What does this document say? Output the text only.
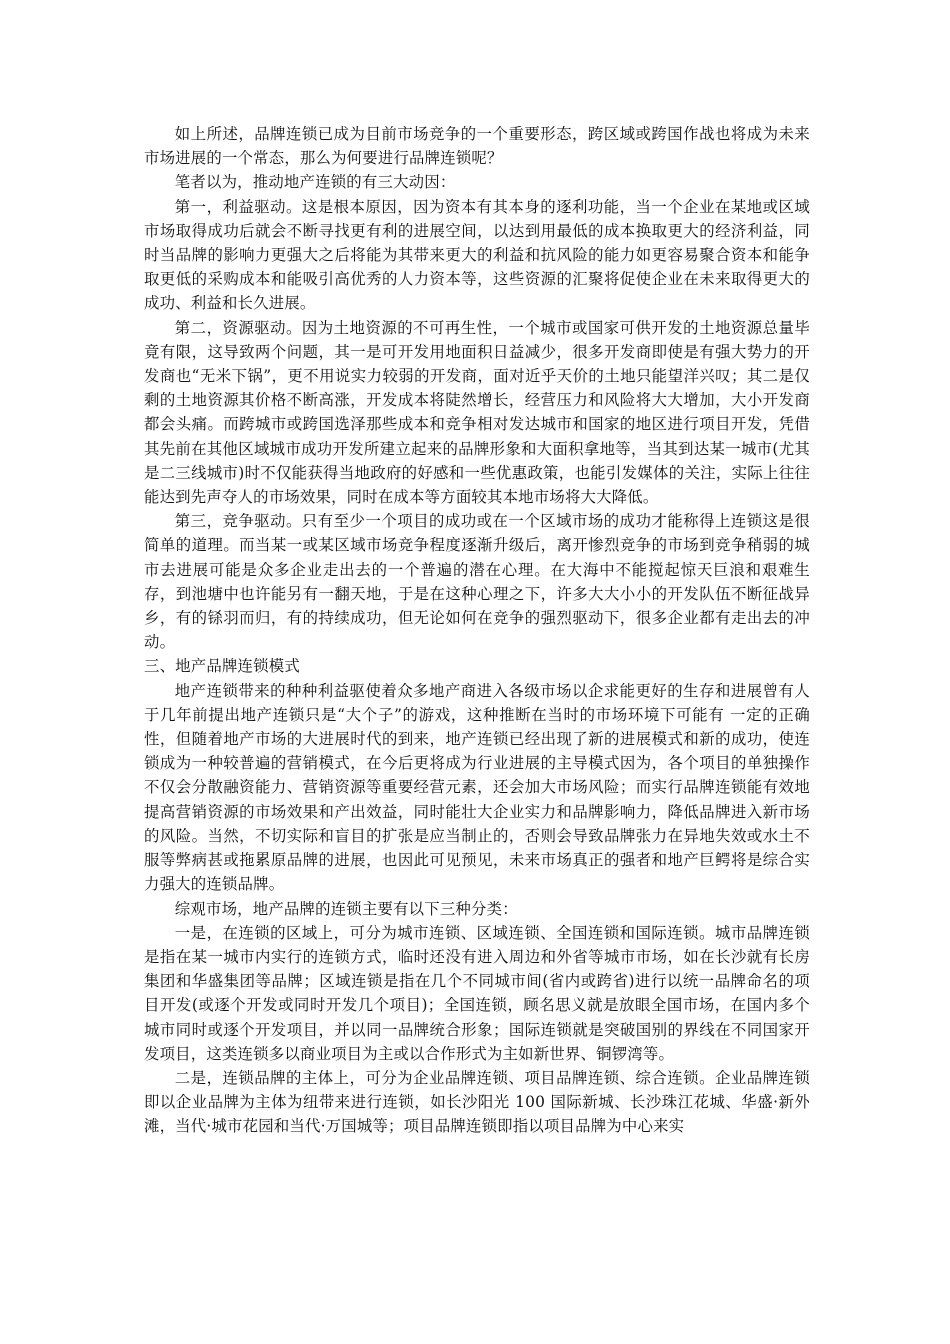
如上所述，品牌连锁已成为目前市场竞争的一个重要形态，跨区域或跨国作战也将成为未来市场进展的一个常态，那么为何要进行品牌连锁呢？

笔者以为，推动地产连锁的有三大动因：

第一，利益驱动。这是根本原因，因为资本有其本身的逐利功能，当一个企业在某地或区域市场取得成功后就会不断寻找更有利的进展空间，以达到用最低的成本换取更大的经济利益，同时当品牌的影响力更强大之后将能为其带来更大的利益和抗风险的能力如更容易聚合资本和能争取更低的采购成本和能吸引高优秀的人力资本等，这些资源的汇聚将促使企业在未来取得更大的成功、利益和长久进展。

第二，资源驱动。因为土地资源的不可再生性，一个城市或国家可供开发的土地资源总量毕竟有限，这导致两个问题，其一是可开发用地面积日益减少，很多开发商即使是有强大势力的开发商也“无米下锅”，更不用说实力较弱的开发商，面对近乎天价的土地只能望洋兴叹；其二是仅剩的土地资源其价格不断高涨，开发成本将陡然增长，经营压力和风险将大大增加，大小开发商都会头痛。而跨城市或跨国选泽那些成本和竞争相对发达城市和国家的地区进行项目开发，凭借其先前在其他区域城市成功开发所建立起来的品牌形象和大面积拿地等，当其到达某一城市(尤其是二三线城市)时不仅能获得当地政府的好感和一些优惠政策，也能引发媒体的关注，实际上往往能达到先声夺人的市场效果，同时在成本等方面较其本地市场将大大降低。

第三，竞争驱动。只有至少一个项目的成功或在一个区域市场的成功才能称得上连锁这是很简单的道理。而当某一或某区域市场竞争程度逐渐升级后，离开惨烈竞争的市场到竞争稍弱的城市去进展可能是众多企业走出去的一个普遍的潜在心理。在大海中不能搅起惊天巨浪和艰难生存，到池塘中也许能另有一翻天地，于是在这种心理之下，许多大大小小的开发队伍不断征战异乡，有的铩羽而归，有的持续成功，但无论如何在竞争的强烈驱动下，很多企业都有走出去的冲动。

三、地产品牌连锁模式

地产连锁带来的种种利益驱使着众多地产商进入各级市场以企求能更好的生存和进展曾有人于几年前提出地产连锁只是“大个子”的游戏，这种推断在当时的市场环境下可能有 一定的正确性，但随着地产市场的大进展时代的到来，地产连锁已经出现了新的进展模式和新的成功，使连锁成为一种较普遍的营销模式，在今后更将成为行业进展的主导模式因为，各个项目的单独操作不仅会分散融资能力、营销资源等重要经营元素，还会加大市场风险；而实行品牌连锁能有效地提高营销资源的市场效果和产出效益，同时能壮大企业实力和品牌影响力，降低品牌进入新市场的风险。当然，不切实际和盲目的扩张是应当制止的，否则会导致品牌张力在异地失效或水土不服等弊病甚或拖累原品牌的进展，也因此可见预见，未来市场真正的强者和地产巨鳄将是综合实力强大的连锁品牌。

综观市场，地产品牌的连锁主要有以下三种分类：

一是，在连锁的区域上，可分为城市连锁、区域连锁、全国连锁和国际连锁。城市品牌连锁是指在某一城市内实行的连锁方式，临时还没有进入周边和外省等城市市场，如在长沙就有长房集团和华盛集团等品牌；区域连锁是指在几个不同城市间(省内或跨省)进行以统一品牌命名的项目开发(或逐个开发或同时开发几个项目)；全国连锁，顾名思义就是放眼全国市场，在国内多个城市同时或逐个开发项目，并以同一品牌统合形象；国际连锁就是突破国别的界线在不同国家开发项目，这类连锁多以商业项目为主或以合作形式为主如新世界、铜锣湾等。

二是，连锁品牌的主体上，可分为企业品牌连锁、项目品牌连锁、综合连锁。企业品牌连锁即以企业品牌为主体为纽带来进行连锁，如长沙阳光 100 国际新城、长沙珠江花城、华盛·新外滩，当代·城市花园和当代·万国城等；项目品牌连锁即指以项目品牌为中心来实
